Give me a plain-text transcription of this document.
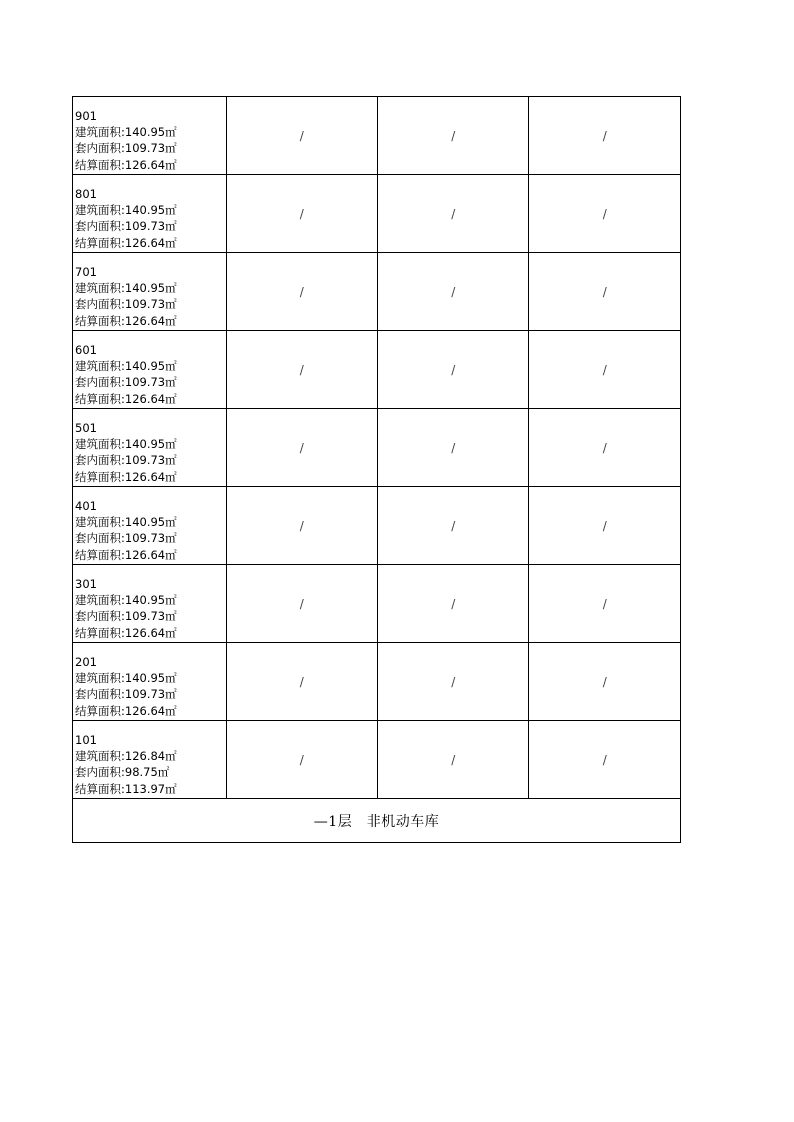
901
建筑面积:140.95㎡
套内面积:109.73㎡
结算面积:126.64㎡	/	/	/

801
建筑面积:140.95㎡
套内面积:109.73㎡
结算面积:126.64㎡	/	/	/

701
建筑面积:140.95㎡
套内面积:109.73㎡
结算面积:126.64㎡	/	/	/

601
建筑面积:140.95㎡
套内面积:109.73㎡
结算面积:126.64㎡	/	/	/

501
建筑面积:140.95㎡
套内面积:109.73㎡
结算面积:126.64㎡	/	/	/

401
建筑面积:140.95㎡
套内面积:109.73㎡
结算面积:126.64㎡	/	/	/

301
建筑面积:140.95㎡
套内面积:109.73㎡
结算面积:126.64㎡	/	/	/

201
建筑面积:140.95㎡
套内面积:109.73㎡
结算面积:126.64㎡	/	/	/

101
建筑面积:126.84㎡
套内面积:98.75㎡
结算面积:113.97㎡	/	/	/
—1层　非机动车库			
